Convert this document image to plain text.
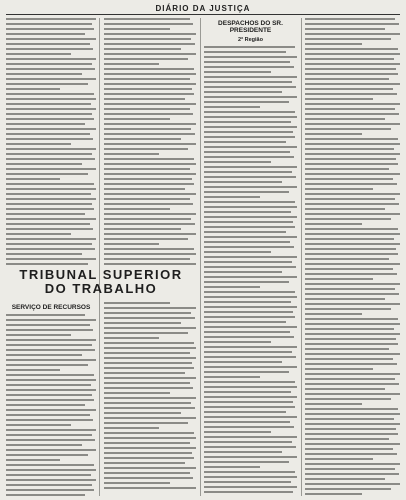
DIÁRIO DA JUSTIÇA
SERVIÇO DE RECURSOS
DESPACHOS DO SR. PRESIDENTE
2ª Região
TRIBUNAL SUPERIOR
DO TRABALHO
